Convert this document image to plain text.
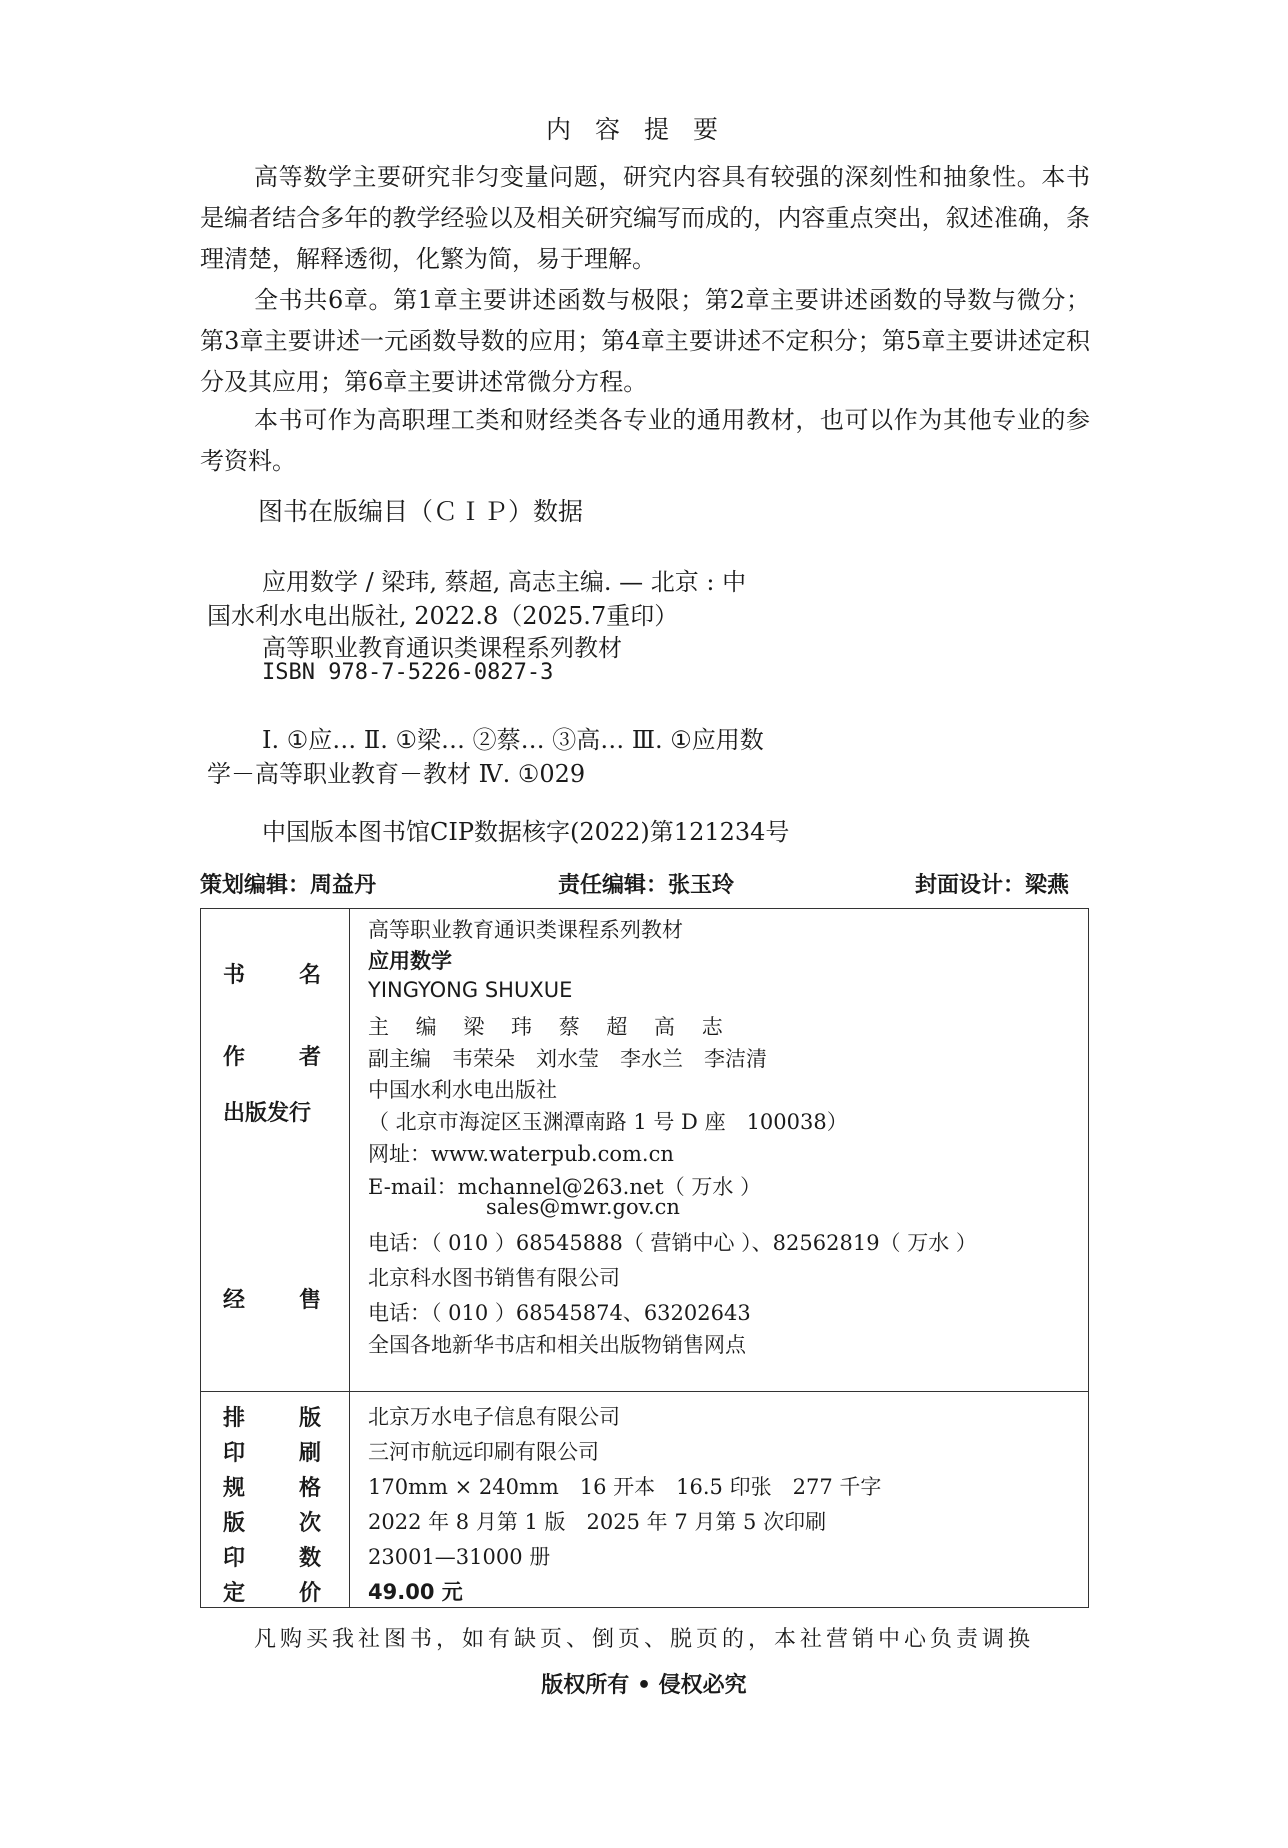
内容提要

高等数学主要研究非匀变量问题，研究内容具有较强的深刻性和抽象性。本书是编者结合多年的教学经验以及相关研究编写而成的，内容重点突出，叙述准确，条理清楚，解释透彻，化繁为简，易于理解。

全书共6章。第1章主要讲述函数与极限；第2章主要讲述函数的导数与微分；第3章主要讲述一元函数导数的应用；第4章主要讲述不定积分；第5章主要讲述定积分及其应用；第6章主要讲述常微分方程。

本书可作为高职理工类和财经类各专业的通用教材，也可以作为其他专业的参考资料。

图书在版编目（ＣＩＰ）数据
应用数学 / 梁玮, 蔡超, 高志主编. — 北京 : 中
国水利水电出版社, 2022.8（2025.7重印）
高等职业教育通识类课程系列教材
ISBN 978-7-5226-0827-3
Ⅰ. ①应… Ⅱ. ①梁… ②蔡… ③高… Ⅲ. ①应用数
学－高等职业教育－教材 Ⅳ. ①029
中国版本图书馆CIP数据核字(2022)第121234号
策划编辑：周益丹	责任编辑：张玉玲	封面设计：梁燕
书 名
作 者
出版发行
经 售
高等职业教育通识类课程系列教材
应用数学
YINGYONG SHUXUE
主 编 梁 玮 蔡 超 高 志
副主编　韦荣朵　刘水莹　李水兰　李洁清
中国水利水电出版社
（ 北京市海淀区玉渊潭南路 1 号 D 座　100038）
网址：www.waterpub.com.cn
E-mail：mchannel@263.net（ 万水 ）
sales@mwr.gov.cn
电话：（ 010 ）68545888（ 营销中心 ）、82562819（ 万水 ）
北京科水图书销售有限公司
电话：（ 010 ）68545874、63202643
全国各地新华书店和相关出版物销售网点
排 版 北京万水电子信息有限公司
印 刷 三河市航远印刷有限公司
规 格 170mm × 240mm　16 开本　16.5 印张　277 千字
版 次 2022 年 8 月第 1 版　2025 年 7 月第 5 次印刷
印 数 23001—31000 册
定 价 49.00 元
凡购买我社图书，如有缺页、倒页、脱页的，本社营销中心负责调换
版权所有 • 侵权必究
